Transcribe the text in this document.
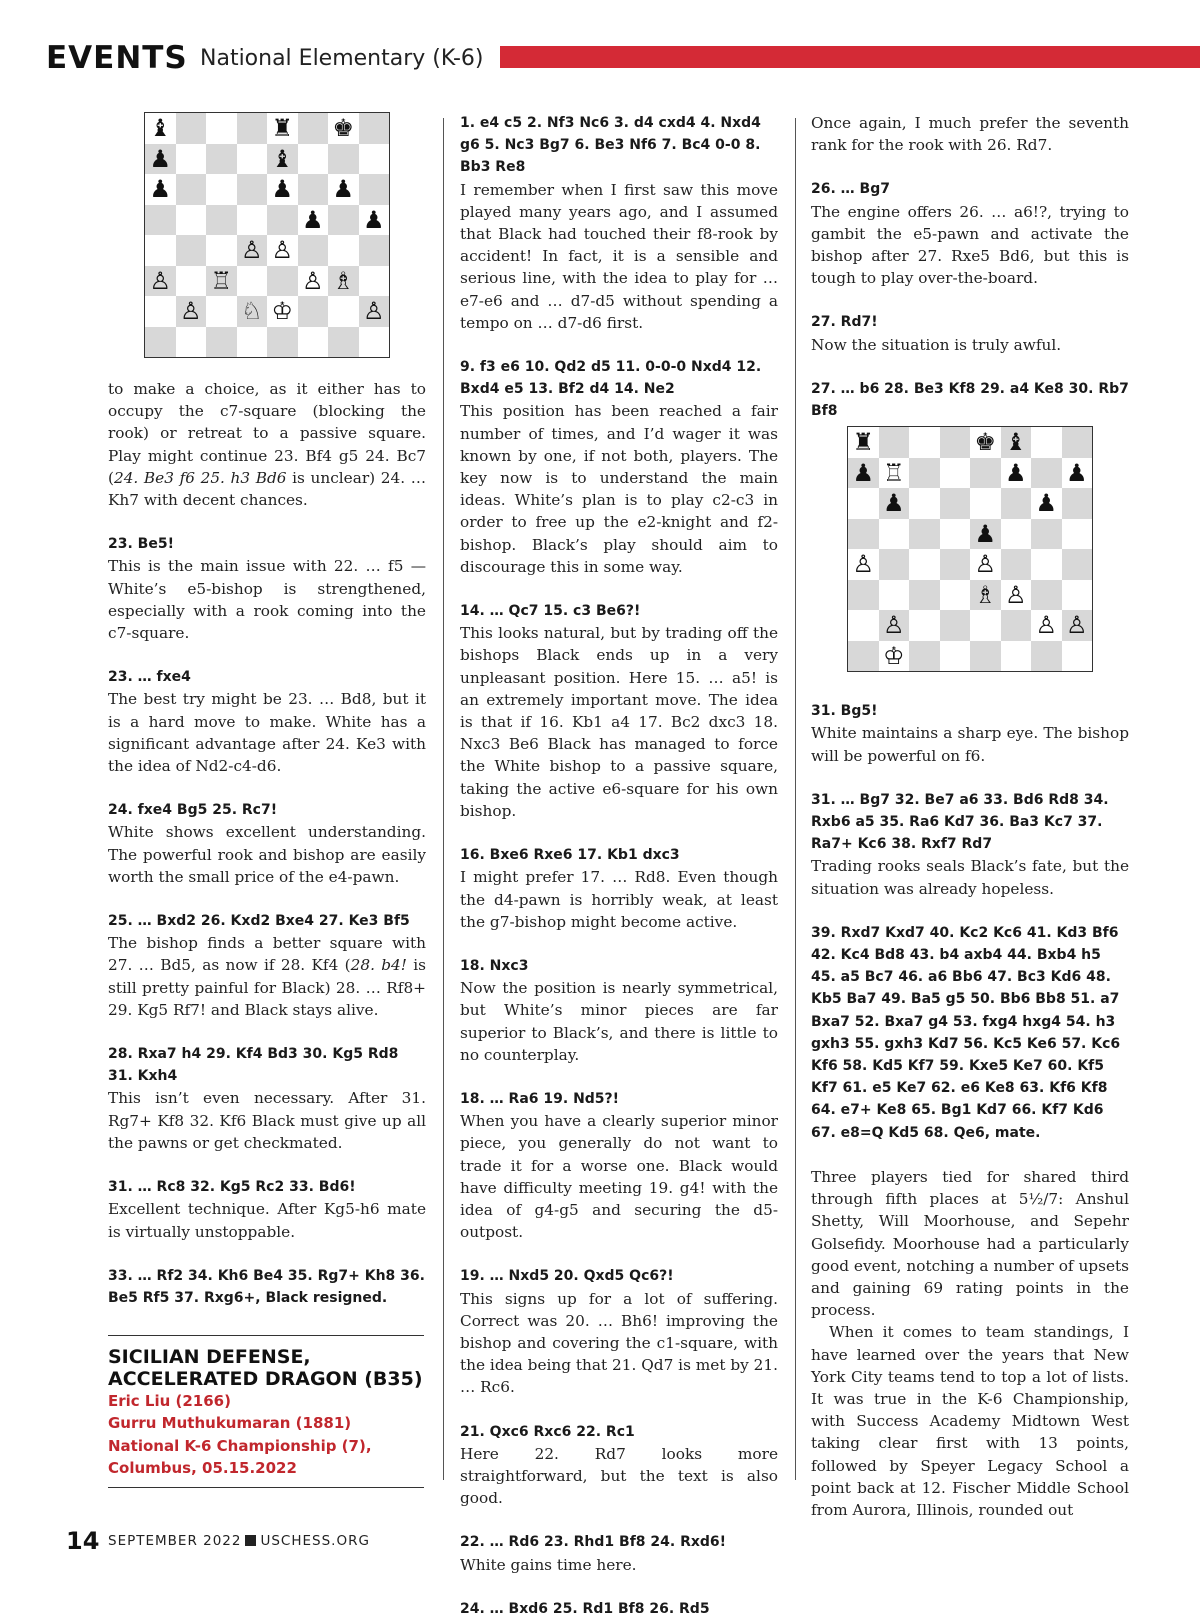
EVENTS National Elementary (K-6)
♝	♜ ♚
♟	♝
♟	♟ ♟
♟ ♟
♙ ♙
♙ ♖	♙ ♗
♙ ♘ ♔	♙

to make a choice, as it either has to occupy the c7-square (blocking the rook) or retreat to a passive square. Play might continue 23. Bf4 g5 24. Bc7 (24. Be3 f6 25. h3 Bd6 is unclear) 24. … Kh7 with decent chances.

23. Be5!

This is the main issue with 22. … f5 — White’s e5-bishop is strengthened, especially with a rook coming into the c7-square.

23. … fxe4

The best try might be 23. … Bd8, but it is a hard move to make. White has a significant advantage after 24. Ke3 with the idea of Nd2-c4-d6.

24. fxe4 Bg5 25. Rc7!

White shows excellent understanding. The powerful rook and bishop are easily worth the small price of the e4-pawn.

25. … Bxd2 26. Kxd2 Bxe4 27. Ke3 Bf5

The bishop finds a better square with 27. … Bd5, as now if 28. Kf4 (28. b4! is still pretty painful for Black) 28. … Rf8+ 29. Kg5 Rf7! and Black stays alive.

28. Rxa7 h4 29. Kf4 Bd3 30. Kg5 Rd8 31. Kxh4

This isn’t even necessary. After 31. Rg7+ Kf8 32. Kf6 Black must give up all the pawns or get checkmated.

31. … Rc8 32. Kg5 Rc2 33. Bd6!

Excellent technique. After Kg5-h6 mate is virtually unstoppable.

33. … Rf2 34. Kh6 Be4 35. Rg7+ Kh8 36. Be5 Rf5 37. Rxg6+, Black resigned.

SICILIAN DEFENSE, ACCELERATED DRAGON (B35)

Eric Liu (2166)

Gurru Muthukumaran (1881)

National K-6 Championship (7),

Columbus, 05.15.2022

1. e4 c5 2. Nf3 Nc6 3. d4 cxd4 4. Nxd4 g6 5. Nc3 Bg7 6. Be3 Nf6 7. Bc4 0-0 8. Bb3 Re8

I remember when I first saw this move played many years ago, and I assumed that Black had touched their f8-rook by accident! In fact, it is a sensible and serious line, with the idea to play for … e7-e6 and … d7-d5 without spending a tempo on … d7-d6 first.

9. f3 e6 10. Qd2 d5 11. 0-0-0 Nxd4 12. Bxd4 e5 13. Bf2 d4 14. Ne2

This position has been reached a fair number of times, and I’d wager it was known by one, if not both, players. The key now is to understand the main ideas. White’s plan is to play c2-c3 in order to free up the e2-knight and f2-bishop. Black’s play should aim to discourage this in some way.

14. … Qc7 15. c3 Be6?!

This looks natural, but by trading off the bishops Black ends up in a very unpleasant position. Here 15. … a5! is an extremely important move. The idea is that if 16. Kb1 a4 17. Bc2 dxc3 18. Nxc3 Be6 Black has managed to force the White bishop to a passive square, taking the active e6-square for his own bishop.

16. Bxe6 Rxe6 17. Kb1 dxc3

I might prefer 17. … Rd8. Even though the d4-pawn is horribly weak, at least the g7-bishop might become active.

18. Nxc3

Now the position is nearly symmetrical, but White’s minor pieces are far superior to Black’s, and there is little to no counterplay.

18. … Ra6 19. Nd5?!

When you have a clearly superior minor piece, you generally do not want to trade it for a worse one. Black would have difficulty meeting 19. g4! with the idea of g4-g5 and securing the d5-outpost.

19. … Nxd5 20. Qxd5 Qc6?!

This signs up for a lot of suffering. Correct was 20. … Bh6! improving the bishop and covering the c1-square, with the idea being that 21. Qd7 is met by 21. … Rc6.

21. Qxc6 Rxc6 22. Rc1

Here 22. Rd7 looks more straightforward, but the text is also good.

22. … Rd6 23. Rhd1 Bf8 24. Rxd6!

White gains time here.

24. … Bxd6 25. Rd1 Bf8 26. Rd5

Once again, I much prefer the seventh rank for the rook with 26. Rd7.

26. … Bg7

The engine offers 26. … a6!?, trying to gambit the e5-pawn and activate the bishop after 27. Rxe5 Bd6, but this is tough to play over-the-board.

27. Rd7!

Now the situation is truly awful.

27. … b6 28. Be3 Kf8 29. a4 Ke8 30. Rb7 Bf8

♜	♚ ♝
♟ ♖	♟ ♟
♟	♟
♟
♙	♙
♗ ♙
♙	♙ ♙
♔

31. Bg5!

White maintains a sharp eye. The bishop will be powerful on f6.

31. … Bg7 32. Be7 a6 33. Bd6 Rd8 34. Rxb6 a5 35. Ra6 Kd7 36. Ba3 Kc7 37. Ra7+ Kc6 38. Rxf7 Rd7

Trading rooks seals Black’s fate, but the situation was already hopeless.

39. Rxd7 Kxd7 40. Kc2 Kc6 41. Kd3 Bf6 42. Kc4 Bd8 43. b4 axb4 44. Bxb4 h5 45. a5 Bc7 46. a6 Bb6 47. Bc3 Kd6 48. Kb5 Ba7 49. Ba5 g5 50. Bb6 Bb8 51. a7 Bxa7 52. Bxa7 g4 53. fxg4 hxg4 54. h3 gxh3 55. gxh3 Kd7 56. Kc5 Ke6 57. Kc6 Kf6 58. Kd5 Kf7 59. Kxe5 Ke7 60. Kf5 Kf7 61. e5 Ke7 62. e6 Ke8 63. Kf6 Kf8 64. e7+ Ke8 65. Bg1 Kd7 66. Kf7 Kd6 67. e8=Q Kd5 68. Qe6, mate.

Three players tied for shared third through fifth places at 5½/7: Anshul Shetty, Will Moorhouse, and Sepehr Golsefidy. Moorhouse had a particularly good event, notching a number of upsets and gaining 69 rating points in the process.

When it comes to team standings, I have learned over the years that New York City teams tend to top a lot of lists. It was true in the K-6 Championship, with Success Academy Midtown West taking clear first with 13 points, followed by Speyer Legacy School a point back at 12. Fischer Middle School from Aurora, Illinois, rounded out

14 SEPTEMBER 2022 USCHESS.ORG
